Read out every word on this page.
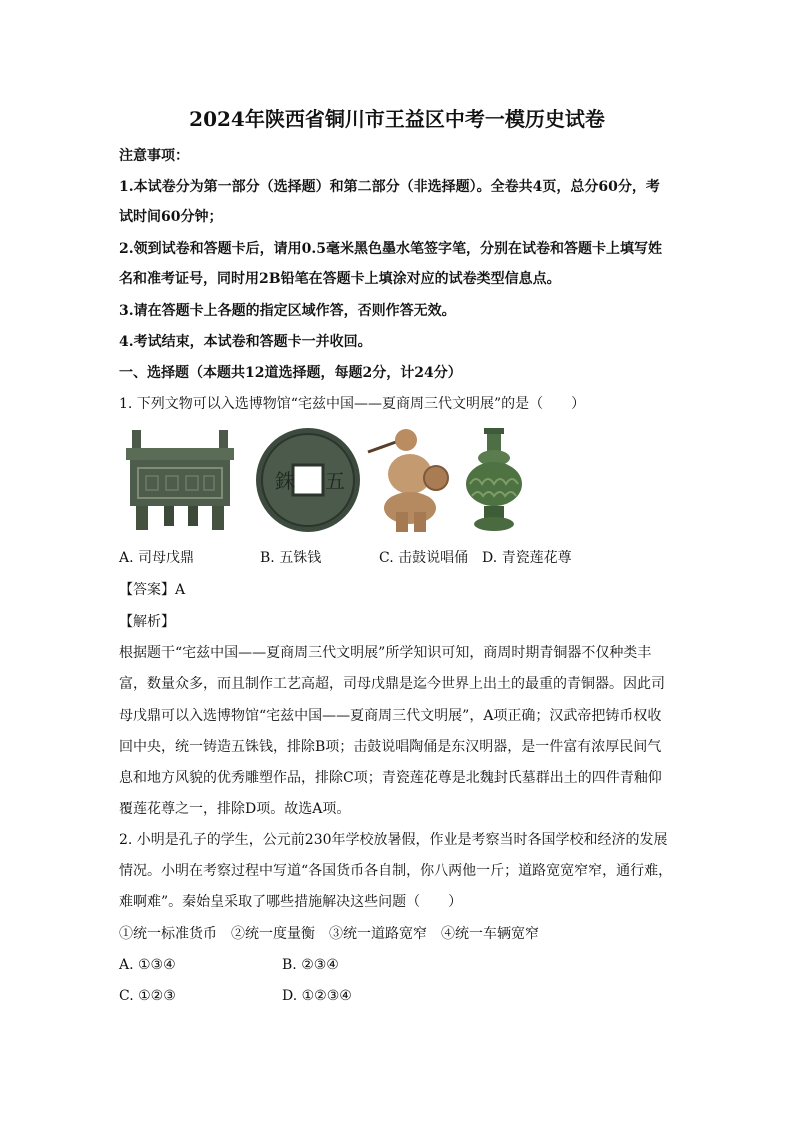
2024年陕西省铜川市王益区中考一模历史试卷
注意事项：
1.本试卷分为第一部分（选择题）和第二部分（非选择题）。全卷共4页，总分60分，考
试时间60分钟；
2.领到试卷和答题卡后，请用0.5毫米黑色墨水笔签字笔，分别在试卷和答题卡上填写姓
名和准考证号，同时用2B铅笔在答题卡上填涂对应的试卷类型信息点。
3.请在答题卡上各题的指定区域作答，否则作答无效。
4.考试结束，本试卷和答题卡一并收回。
一、选择题（本题共12道选择题，每题2分，计24分）
1. 下列文物可以入选博物馆“宅兹中国——夏商周三代文明展”的是（　　）
銖 五
A. 司母戊鼎	B. 五铢钱	C. 击鼓说唱俑 D. 青瓷莲花尊
【答案】A
【解析】
根据题干“宅兹中国——夏商周三代文明展”所学知识可知，商周时期青铜器不仅种类丰
富，数量众多，而且制作工艺高超，司母戊鼎是迄今世界上出土的最重的青铜器。因此司
母戊鼎可以入选博物馆“宅兹中国——夏商周三代文明展”，A项正确；汉武帝把铸币权收
回中央，统一铸造五铢钱，排除B项；击鼓说唱陶俑是东汉明器，是一件富有浓厚民间气
息和地方风貌的优秀雕塑作品，排除C项；青瓷莲花尊是北魏封氏墓群出土的四件青釉仰
覆莲花尊之一，排除D项。故选A项。
2. 小明是孔子的学生，公元前230年学校放暑假，作业是考察当时各国学校和经济的发展
情况。小明在考察过程中写道“各国货币各自制，你八两他一斤；道路宽宽窄窄，通行难，
难啊难”。秦始皇采取了哪些措施解决这些问题（　　）
①统一标准货币　②统一度量衡　③统一道路宽窄　④统一车辆宽窄
A. ①③④	B. ②③④
C. ①②③	D. ①②③④
